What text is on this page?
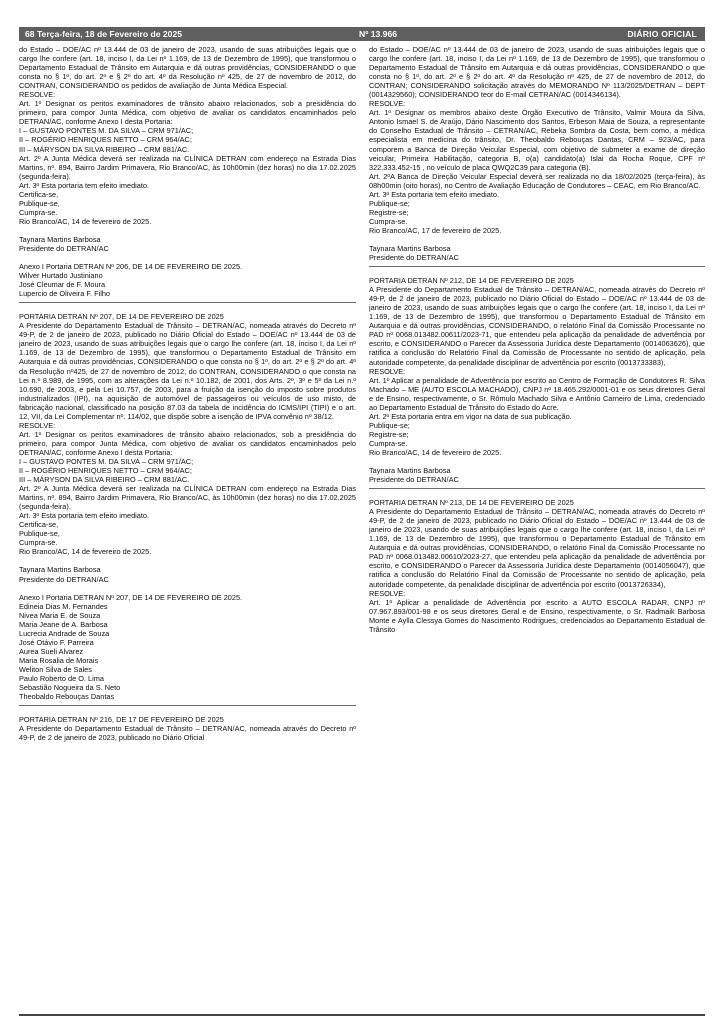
68 Terça-feira, 18 de Fevereiro de 2025	Nº 13.966	DIÁRIO OFICIAL

do Estado – DOE/AC nº 13.444 de 03 de janeiro de 2023, usando de suas atribuições legais que o cargo lhe confere (art. 18, inciso I, da Lei nº 1.169, de 13 de Dezembro de 1995), que transformou o Departamento Estadual de Trânsito em Autarquia e dá outras providências, CONSIDERANDO o que consta no § 1º, do art. 2º e § 2º do art. 4º da Resolução nº 425, de 27 de novembro de 2012, do CONTRAN, CONSIDERANDO os pedidos de avaliação de Junta Médica Especial.

RESOLVE:

Art. 1º Designar os peritos examinadores de trânsito abaixo relacionados, sob a presidência do primeiro, para compor Junta Médica, com objetivo de avaliar os candidatos encaminhados pelo DETRAN/AC, conforme Anexo I desta Portaria:

I – GUSTAVO PONTES M. DA SILVA – CRM 971/AC;

II – ROGÉRIO HENRIQUES NETTO – CRM 964/AC;

III – MÁRYSON DA SILVA RIBEIRO – CRM 881/AC.

Art. 2º A Junta Médica deverá ser realizada na CLÍNICA DETRAN com endereço na Estrada Dias Martins, nº. 894, Bairro Jardim Primavera, Rio Branco/AC, às 10h00min (dez horas) no dia 17.02.2025 (segunda-feira).

Art. 3º Esta portaria tem efeito imediato.

Certifica-se,

Publique-se,

Cumpra-se.

Rio Branco/AC, 14 de fevereiro de 2025.

Taynara Martins Barbosa

Presidente do DETRAN/AC

Anexo I Portaria DETRAN Nº 206, DE 14 DE FEVEREIRO DE 2025.

Wilver Hurtado Justiniano

José Cleumar de F. Moura

Lupercio de Oliveira F. Filho

PORTARIA DETRAN Nº 207, DE 14 DE FEVEREIRO DE 2025

A Presidente do Departamento Estadual de Trânsito – DETRAN/AC, nomeada através do Decreto nº 49-P, de 2 de janeiro de 2023, publicado no Diário Oficial do Estado – DOE/AC nº 13.444 de 03 de janeiro de 2023, usando de suas atribuições legais que o cargo lhe confere (art. 18, inciso I, da Lei nº 1.169, de 13 de Dezembro de 1995), que transformou o Departamento Estadual de Trânsito em Autarquia e dá outras providências, CONSIDERANDO o que consta no § 1º, do art. 2º e § 2º do art. 4º da Resolução nº425, de 27 de novembro de 2012, do CONTRAN, CONSIDERANDO o que consta na Lei n.º 8.989, de 1995, com as alterações da Lei n.º 10.182, de 2001, dos Arts. 2º, 3º e 5º da Lei n.º 10.690, de 2003, e pela Lei 10.757, de 2003, para a fruição da isenção do imposto sobre produtos industrializados (IPI), na aquisição de automóvel de passageiros ou veículos de uso misto, de fabricação nacional, classificado na posição 87.03 da tabela de incidência do ICMS/IPI (TIPI) e o art. 12, VII, da Lei Complementar nº. 114/02, que dispõe sobre a isenção de IPVA convênio nº 38/12.

RESOLVE:

Art. 1º Designar os peritos examinadores de trânsito abaixo relacionados, sob a presidência do primeiro, para compor Junta Médica, com objetivo de avaliar os candidatos encaminhados pelo DETRAN/AC, conforme Anexo I desta Portaria:

I – GUSTAVO PONTES M. DA SILVA – CRM 971/AC;

II – ROGÉRIO HENRIQUES NETTO – CRM 964/AC;

III – MÁRYSON DA SILVA RIBEIRO – CRM 881/AC.

Art. 2º A Junta Médica deverá ser realizada na CLÍNICA DETRAN com endereço na Estrada Dias Martins, nº. 894, Bairro Jardim Primavera, Rio Branco/AC, às 10h00min (dez horas) no dia 17.02.2025 (segunda-feira).

Art. 3º Esta portaria tem efeito imediato.

Certifica-se,

Publique-se,

Cumpra-se.

Rio Branco/AC, 14 de fevereiro de 2025.

Taynara Martins Barbosa

Presidente do DETRAN/AC

Anexo I Portaria DETRAN Nº 207, DE 14 DE FEVEREIRO DE 2025.

Edineia Dias M. Fernandes

Nivea Maria E. de Souza

Maria Jeane de A. Barbosa

Lucrecia Andrade de Souza

José Otávio F. Parreira

Aurea Sueli Alvarez

Maria Rosalia de Morais

Weliton Silva de Sales

Paulo Roberto de O. Lima

Sebastião Nogueira da S. Neto

Theobaldo Rebouças Dantas

PORTARIA DETRAN Nº 216, DE 17 DE FEVEREIRO DE 2025

A Presidente do Departamento Estadual de Trânsito – DETRAN/AC, nomeada através do Decreto nº 49-P, de 2 de janeiro de 2023, publicado no Diário Oficial

do Estado – DOE/AC nº 13.444 de 03 de janeiro de 2023, usando de suas atribuições legais que o cargo lhe confere (art. 18, inciso I, da Lei nº 1.169, de 13 de Dezembro de 1995), que transformou o Departamento Estadual de Trânsito em Autarquia e dá outras providências, CONSIDERANDO o que consta no § 1º, do art. 2º e § 2º do art. 4º da Resolução nº 425, de 27 de novembro de 2012, do CONTRAN; CONSIDERANDO solicitação através do MEMORANDO Nº 113/2025/DETRAN – DEPT (0014329560); CONSIDERANDO teor do E-mail CETRAN/AC (0014346134).

RESOLVE:

Art. 1º Designar os membros abaixo deste Órgão Executivo de Trânsito, Valmir Moura da Silva, Antonio Ismael S. de Araújo, Dário Nascimento dos Santos, Erbeson Maia de Souza, a representante do Conselho Estadual de Trânsito – CETRAN/AC, Rebeka Sombra da Costa, bem como, a médica especialista em medicina do trânsito, Dr. Theobaldo Rebouças Dantas, CRM – 923/AC, para comporem a Banca de Direção Veicular Especial, com objetivo de submeter a exame de direção veicular, Primeira Habilitação, categoria B, o(a) candidato(a) Islai da Rocha Roque, CPF nº 322.333.452-15 , no veículo de placa QWQ2C39 para categoria (B).

Art. 2ºA Banca de Direção Veicular Especial deverá ser realizada no dia 18/02/2025 (terça-feira), às 08h00min (oito horas), no Centro de Avaliação Educação de Condutores – CEAC, em Rio Branco/AC.

Art. 3º Esta portaria tem efeito imediato.

Publique-se;

Registre-se;

Cumpra-se.

Rio Branco/AC, 17 de fevereiro de 2025.

Taynara Martins Barbosa

Presidente do DETRAN/AC

PORTARIA DETRAN Nº 212, DE 14 DE FEVEREIRO DE 2025

A Presidente do Departamento Estadual de Trânsito – DETRAN/AC, nomeada através do Decreto nº 49-P, de 2 de janeiro de 2023, publicado no Diário Oficial do Estado – DOE/AC nº 13.444 de 03 de janeiro de 2023, usando de suas atribuições legais que o cargo lhe confere (art. 18, inciso I, da Lei nº 1.169, de 13 de Dezembro de 1995), que transformou o Departamento Estadual de Trânsito em Autarquia e dá outras providências, CONSIDERANDO, o relatório Final da Comissão Processante no PAD nº 0068.013482.00611/2023-71, que entendeu pela aplicação da penalidade de advertência por escrito, e CONSIDERANDO o Parecer da Assessoria Jurídica deste Departamento (0014063626), que ratifica a conclusão do Relatório Final da Comissão de Processante no sentido de aplicação, pela autoridade competente, da penalidade disciplinar de advertência por escrito (0013733383),

RESOLVE:

Art. 1º Aplicar a penalidade de Advertência por escrito ao Centro de Formação de Condutores R. Silva Machado – ME (AUTO ESCOLA MACHADO), CNPJ nº 18.465.292/0001-01 e os seus diretores Geral e de Ensino, respectivamente, o Sr. Rômulo Machado Silva e Antônio Carneiro de Lima, credenciado ao Departamento Estadual de Trânsito do Estado do Acre.

Art. 2º Esta portaria entra em vigor na data de sua publicação.

Publique-se;

Registre-se;

Cumpra-se.

Rio Branco/AC, 14 de fevereiro de 2025.

Taynara Martins Barbosa

Presidente do DETRAN/AC

PORTARIA DETRAN Nº 213, DE 14 DE FEVEREIRO DE 2025

A Presidente do Departamento Estadual de Trânsito – DETRAN/AC, nomeada através do Decreto nº 49-P, de 2 de janeiro de 2023, publicado no Diário Oficial do Estado – DOE/AC nº 13.444 de 03 de janeiro de 2023, usando de suas atribuições legais que o cargo lhe confere (art. 18, inciso I, da Lei nº 1.169, de 13 de Dezembro de 1995), que transformou o Departamento Estadual de Trânsito em Autarquia e dá outras providências, CONSIDERANDO, o relatório Final da Comissão Processante no PAD nº 0068.013482.00610/2023-27, que entendeu pela aplicação da penalidade de advertência por escrito, e CONSIDERANDO o Parecer da Assessoria Jurídica deste Departamento (0014056047), que ratifica a conclusão do Relatório Final da Comissão de Processante no sentido de aplicação, pela autoridade competente, da penalidade disciplinar de advertência por escrito (0013726334),

RESOLVE:

Art. 1º Aplicar a penalidade de Advertência por escrito a AUTO ESCOLA RADAR, CNPJ nº 07.967.893/001-98 e os seus diretores Geral e de Ensino, respectivamente, o Sr. Radmaik Barbosa Monte e Aylla Clessya Gomes do Nascimento Rodrigues, credenciados ao Departamento Estadual de Trânsito
